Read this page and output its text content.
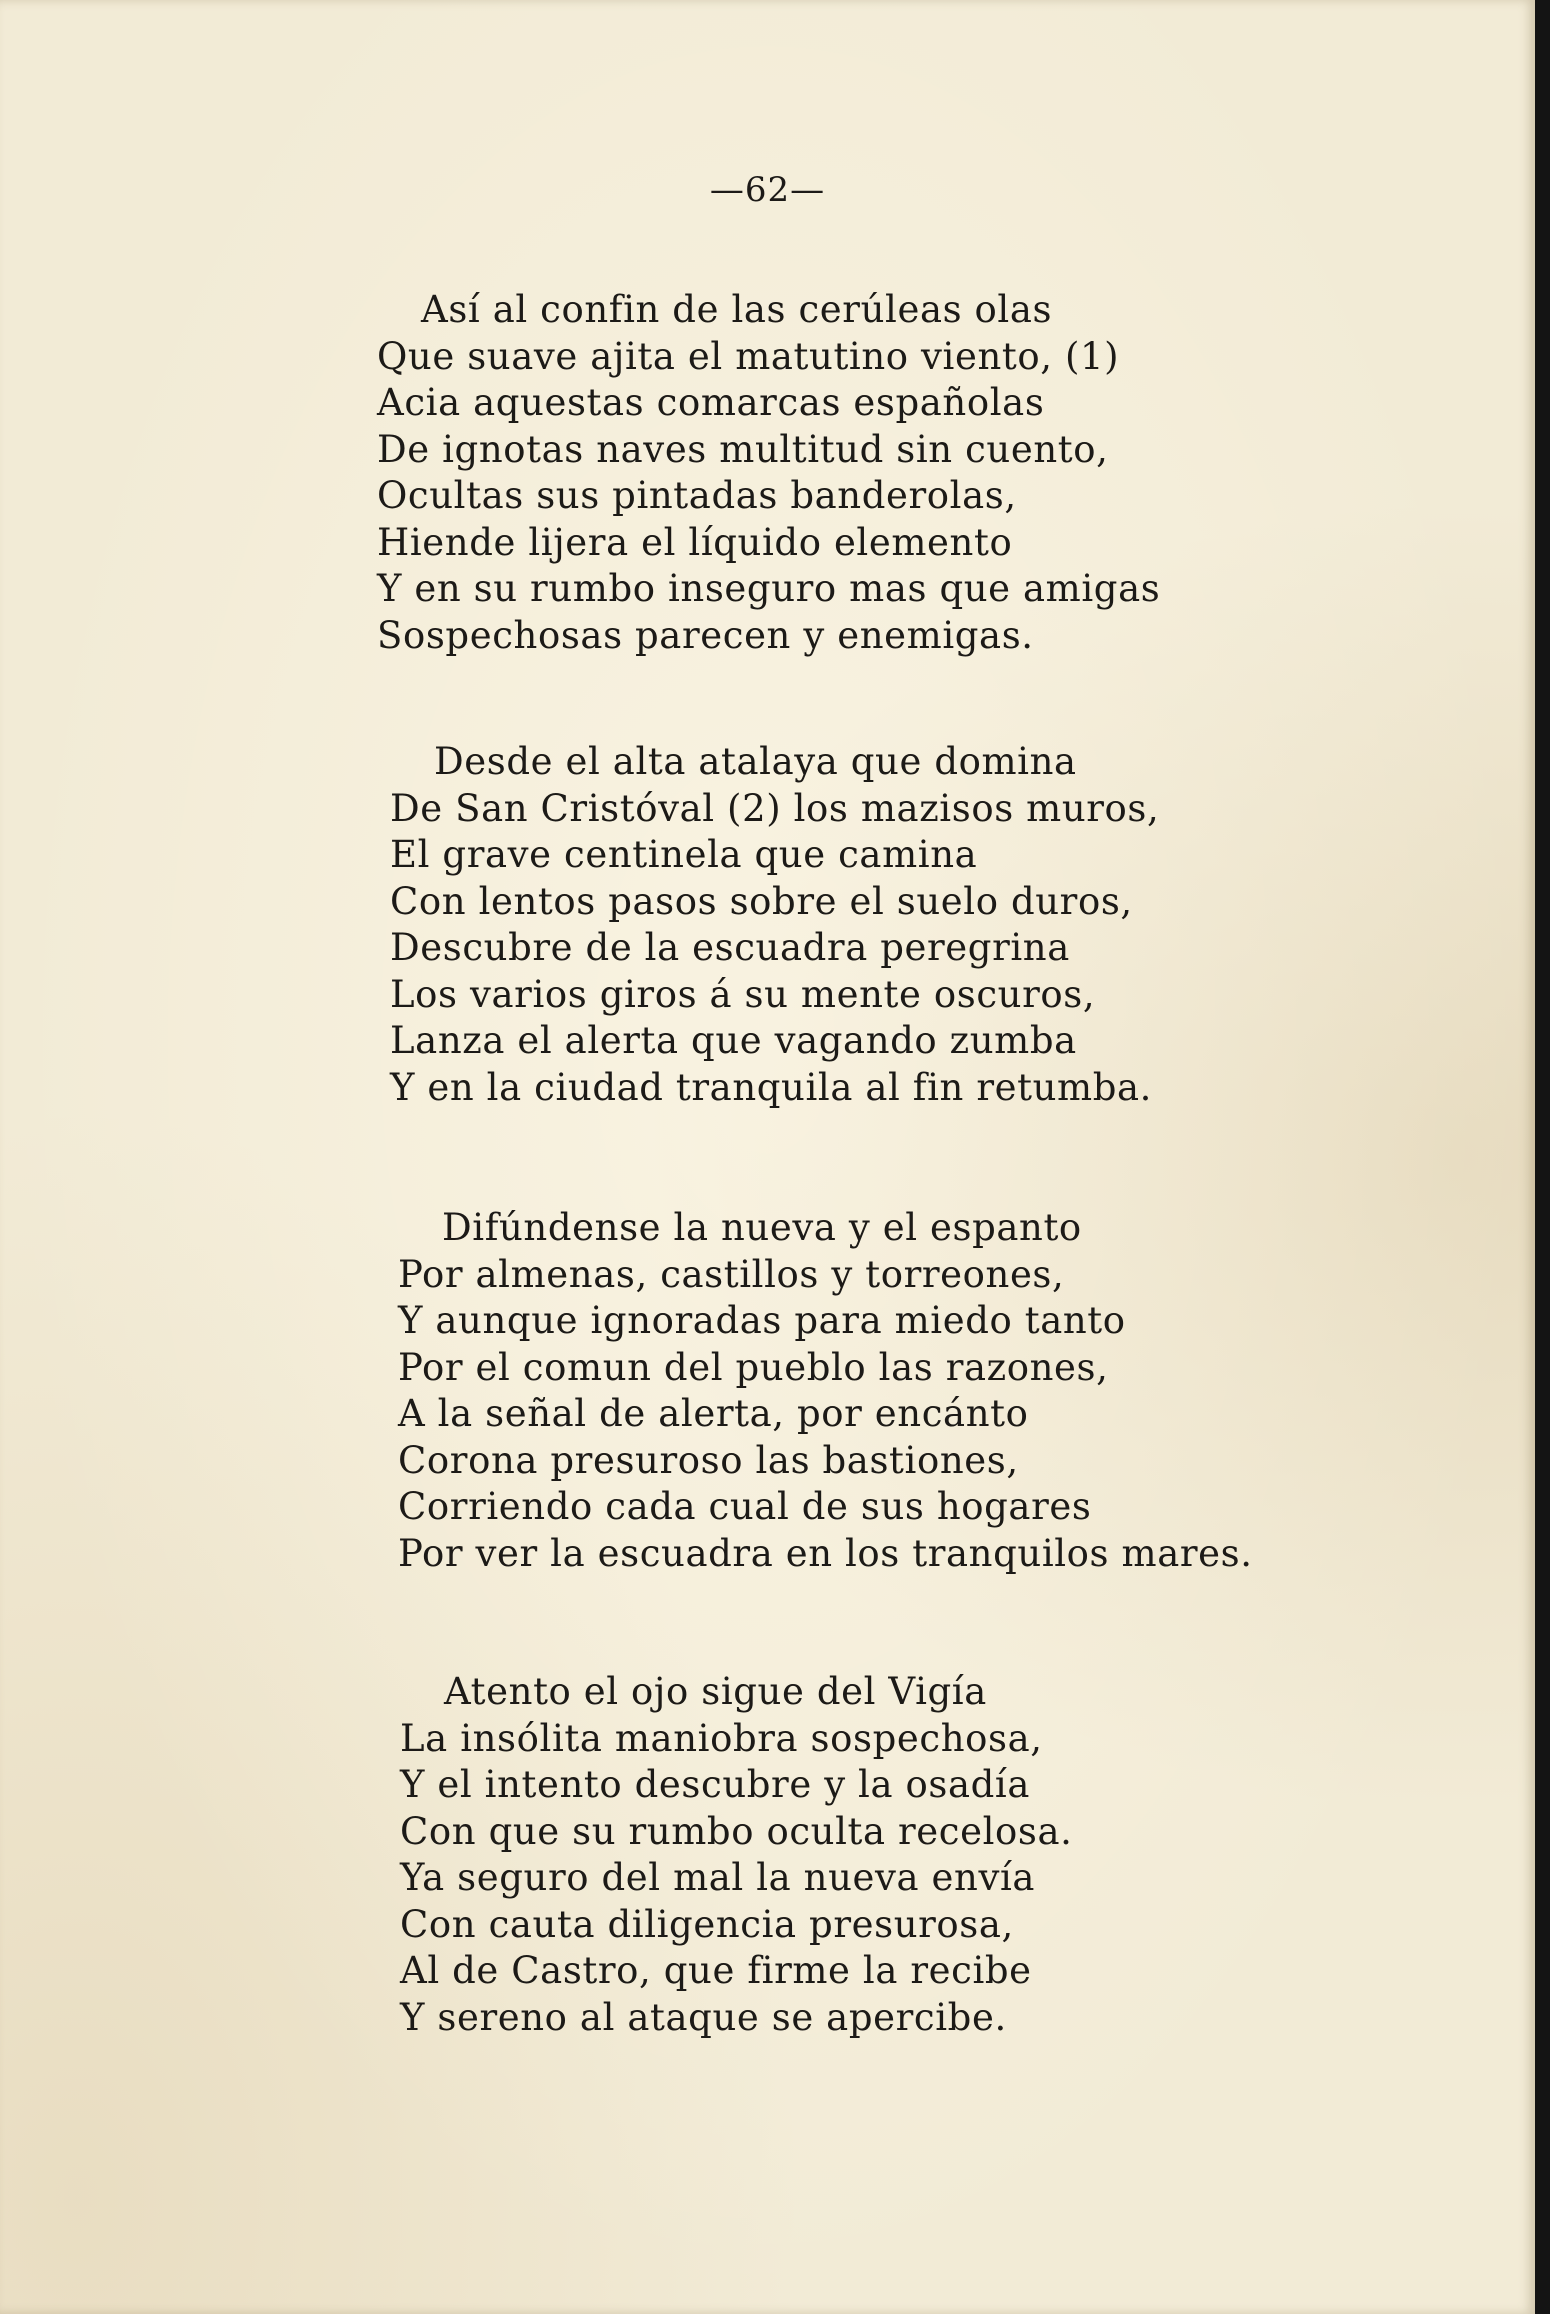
—62—
Así al confin de las cerúleas olas
Que suave ajita el matutino viento, (1)
Acia aquestas comarcas españolas
De ignotas naves multitud sin cuento,
Ocultas sus pintadas banderolas,
Hiende lijera el líquido elemento
Y en su rumbo inseguro mas que amigas
Sospechosas parecen y enemigas.
Desde el alta atalaya que domina
De San Cristóval (2) los mazisos muros,
El grave centinela que camina
Con lentos pasos sobre el suelo duros,
Descubre de la escuadra peregrina
Los varios giros á su mente oscuros,
Lanza el alerta que vagando zumba
Y en la ciudad tranquila al fin retumba.
Difúndense la nueva y el espanto
Por almenas, castillos y torreones,
Y aunque ignoradas para miedo tanto
Por el comun del pueblo las razones,
A la señal de alerta, por encánto
Corona presuroso las bastiones,
Corriendo cada cual de sus hogares
Por ver la escuadra en los tranquilos mares.
Atento el ojo sigue del Vigía
La insólita maniobra sospechosa,
Y el intento descubre y la osadía
Con que su rumbo oculta recelosa.
Ya seguro del mal la nueva envía
Con cauta diligencia presurosa,
Al de Castro, que firme la recibe
Y sereno al ataque se apercibe.
